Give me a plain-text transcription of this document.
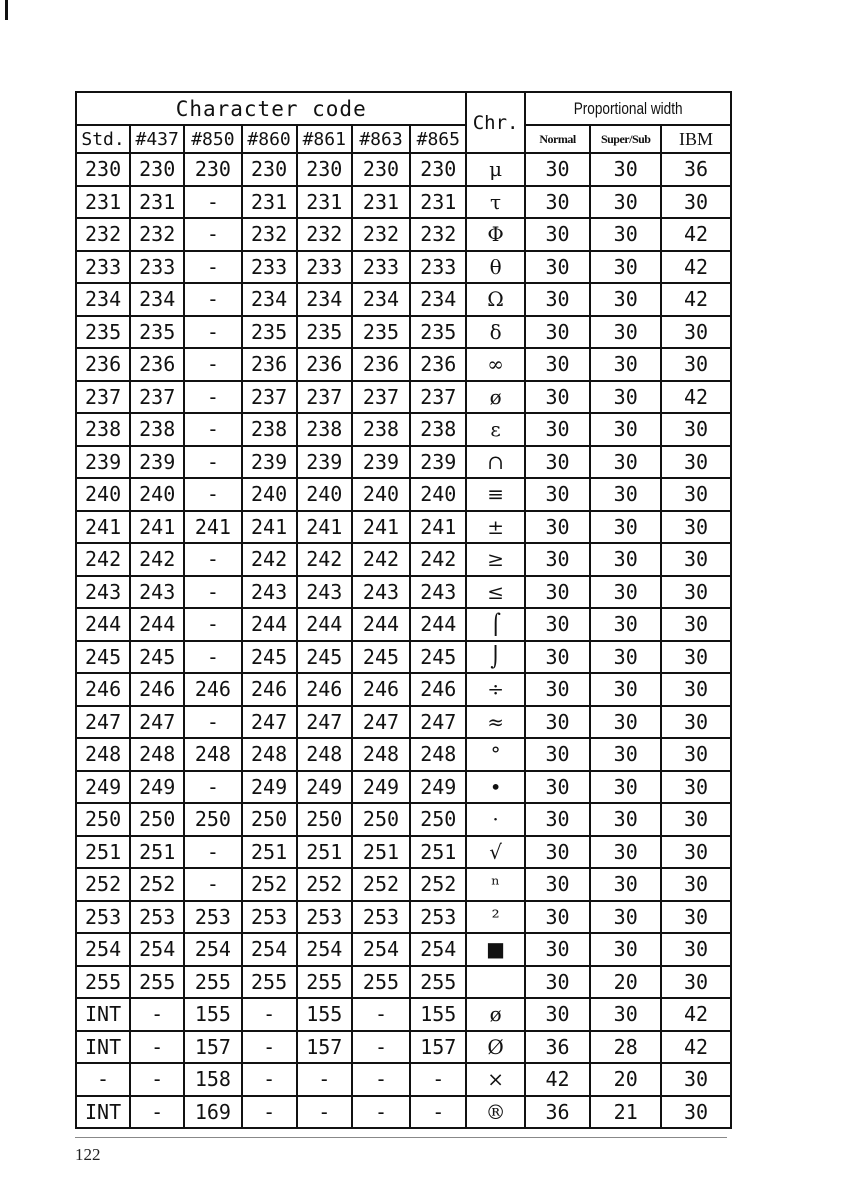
Character code							Chr.	Proportional width		
Std.	#437	#850	#860	#861	#863	#865		Normal	Super/Sub	IBM
230	230	230	230	230	230	230	μ	30	30	36
231	231	-	231	231	231	231	τ	30	30	30
232	232	-	232	232	232	232	Φ	30	30	42
233	233	-	233	233	233	233	θ	30	30	42
234	234	-	234	234	234	234	Ω	30	30	42
235	235	-	235	235	235	235	δ	30	30	30
236	236	-	236	236	236	236	∞	30	30	30
237	237	-	237	237	237	237	ø	30	30	42
238	238	-	238	238	238	238	ε	30	30	30
239	239	-	239	239	239	239	∩	30	30	30
240	240	-	240	240	240	240	≡	30	30	30
241	241	241	241	241	241	241	±	30	30	30
242	242	-	242	242	242	242	≥	30	30	30
243	243	-	243	243	243	243	≤	30	30	30
244	244	-	244	244	244	244	⌠	30	30	30
245	245	-	245	245	245	245	⌡	30	30	30
246	246	246	246	246	246	246	÷	30	30	30
247	247	-	247	247	247	247	≈	30	30	30
248	248	248	248	248	248	248	°	30	30	30
249	249	-	249	249	249	249	•	30	30	30
250	250	250	250	250	250	250	·	30	30	30
251	251	-	251	251	251	251	√	30	30	30
252	252	-	252	252	252	252	ⁿ	30	30	30
253	253	253	253	253	253	253	²	30	30	30
254	254	254	254	254	254	254	■	30	30	30
255	255	255	255	255	255	255		30	20	30
INT	-	155	-	155	-	155	ø	30	30	42
INT	-	157	-	157	-	157	Ø	36	28	42
-	-	158	-	-	-	-	×	42	20	30
INT	-	169	-	-	-	-	®	36	21	30
122
